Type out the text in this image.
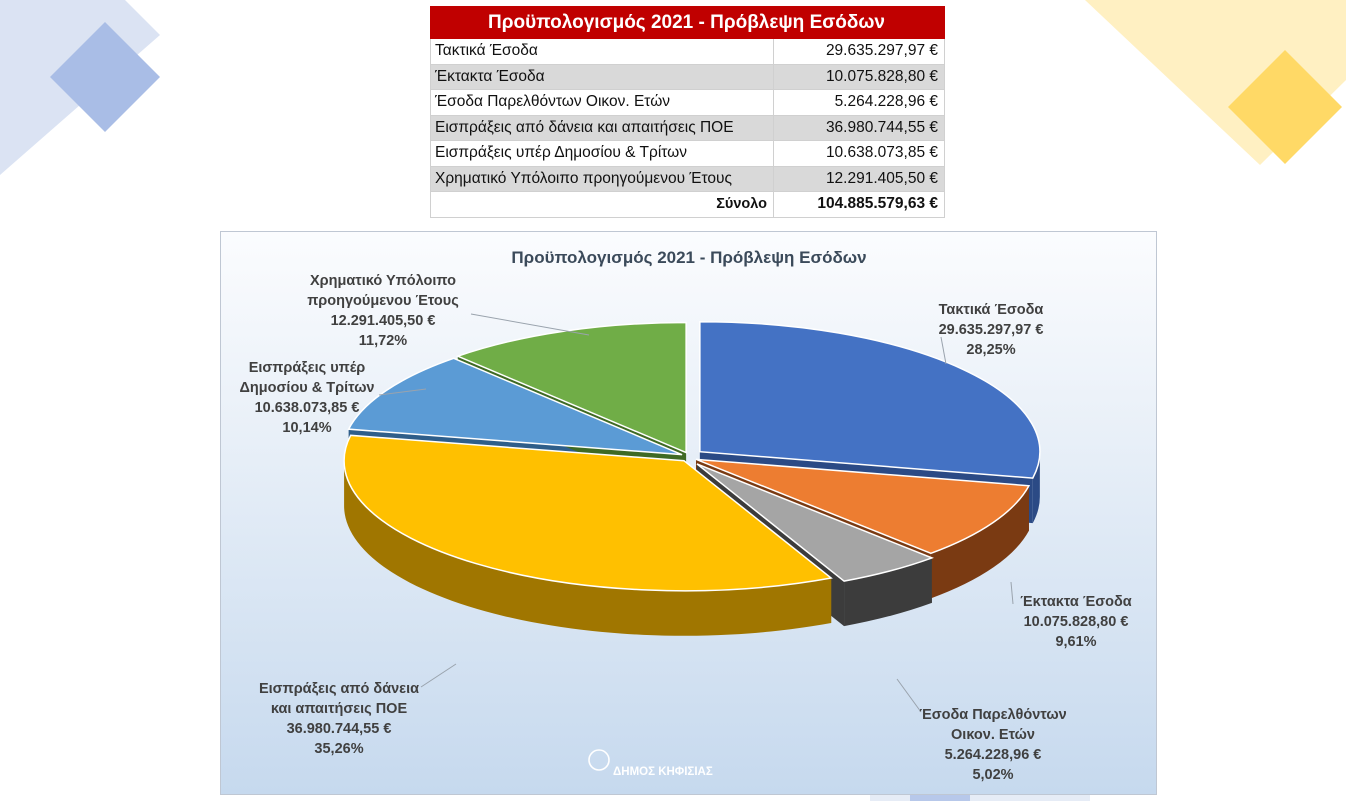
Προϋπολογισμός 2021 - Πρόβλεψη Εσόδων	
Τακτικά Έσοδα	29.635.297,97 €
Έκτακτα Έσοδα	10.075.828,80 €
Έσοδα Παρελθόντων Οικον. Ετών	5.264.228,96 €
Εισπράξεις από δάνεια και απαιτήσεις ΠΟΕ	36.980.744,55 €
Εισπράξεις υπέρ Δημοσίου & Τρίτων	10.638.073,85 €
Χρηματικό Υπόλοιπο προηγούμενου Έτους	12.291.405,50 €
Σύνολο	104.885.579,63 €
Προϋπολογισμός 2021 - Πρόβλεψη Εσόδων
Τακτικά Έσοδα
29.635.297,97 €
28,25%
Έκτακτα Έσοδα
10.075.828,80 €
9,61%
Έσοδα Παρελθόντων
Οικον. Ετών
5.264.228,96 €
5,02%
Εισπράξεις από δάνεια
και απαιτήσεις ΠΟΕ
36.980.744,55 €
35,26%
Εισπράξεις υπέρ
Δημοσίου & Τρίτων
10.638.073,85 €
10,14%
Χρηματικό Υπόλοιπο
προηγούμενου Έτους
12.291.405,50 €
11,72%
ΔΗΜΟΣ ΚΗΦΙΣΙΑΣ
